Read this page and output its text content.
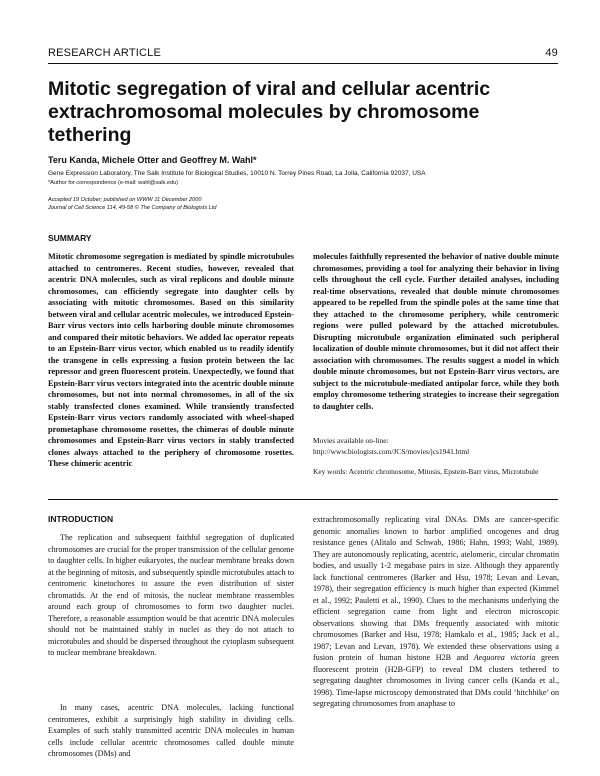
RESEARCH ARTICLE	49
Mitotic segregation of viral and cellular acentric extrachromosomal molecules by chromosome tethering
Teru Kanda, Michele Otter and Geoffrey M. Wahl*
Gene Expression Laboratory, The Salk Institute for Biological Studies, 10010 N. Torrey Pines Road, La Jolla, California 92037, USA
*Author for correspondence (e-mail: wahl@salk.edu)
Accepted 19 October; published on WWW 11 December 2000
Journal of Cell Science 114, 49-58 © The Company of Biologists Ltd
SUMMARY

Mitotic chromosome segregation is mediated by spindle microtubules attached to centromeres. Recent studies, however, revealed that acentric DNA molecules, such as viral replicons and double minute chromosomes, can efficiently segregate into daughter cells by associating with mitotic chromosomes. Based on this similarity between viral and cellular acentric molecules, we introduced Epstein-Barr virus vectors into cells harboring double minute chromosomes and compared their mitotic behaviors. We added lac operator repeats to an Epstein-Barr virus vector, which enabled us to readily identify the transgene in cells expressing a fusion protein between the lac repressor and green fluorescent protein. Unexpectedly, we found that Epstein-Barr virus vectors integrated into the acentric double minute chromosomes, but not into normal chromosomes, in all of the six stably transfected clones examined. While transiently transfected Epstein-Barr virus vectors randomly associated with wheel-shaped prometaphase chromosome rosettes, the chimeras of double minute chromosomes and Epstein-Barr virus vectors in stably transfected clones always attached to the periphery of chromosome rosettes. These chimeric acentric

molecules faithfully represented the behavior of native double minute chromosomes, providing a tool for analyzing their behavior in living cells throughout the cell cycle. Further detailed analyses, including real-time observations, revealed that double minute chromosomes appeared to be repelled from the spindle poles at the same time that they attached to the chromosome periphery, while centromeric regions were pulled poleward by the attached microtubules. Disrupting microtubule organization eliminated such peripheral localization of double minute chromosomes, but it did not affect their association with chromosomes. The results suggest a model in which double minute chromosomes, but not Epstein-Barr virus vectors, are subject to the microtubule-mediated antipolar force, while they both employ chromosome tethering strategies to increase their segregation to daughter cells.

Movies available on-line:
http://www.biologists.com/JCS/movies/jcs1941.html

Key words: Acentric chromosome, Mitosis, Epstein-Barr virus, Microtubule

INTRODUCTION

The replication and subsequent faithful segregation of duplicated chromosomes are crucial for the proper transmission of the cellular genome to daughter cells. In higher eukaryotes, the nuclear membrane breaks down at the beginning of mitosis, and subsequently spindle microtubules attach to centromeric kinetochores to assure the even distribution of sister chromatids. At the end of mitosis, the nuclear membrane reassembles around each group of chromosomes to form two daughter nuclei. Therefore, a reasonable assumption would be that acentric DNA molecules should not be maintained stably in nuclei as they do not attach to microtubules and should be dispersed throughout the cytoplasm subsequent to nuclear membrane breakdown.

In many cases, acentric DNA molecules, lacking functional centromeres, exhibit a surprisingly high stability in dividing cells. Examples of such stably transmitted acentric DNA molecules in human cells include cellular acentric chromosomes called double minute chromosomes (DMs) and

extrachromosomally replicating viral DNAs. DMs are cancer-specific genomic anomalies known to harbor amplified oncogenes and drug resistance genes (Alitalo and Schwab, 1986; Hahn, 1993; Wahl, 1989). They are autonomously replicating, acentric, atelomeric, circular chromatin bodies, and usually 1-2 megabase pairs in size. Although they apparently lack functional centromeres (Barker and Hsu, 1978; Levan and Levan, 1978), their segregation efficiency is much higher than expected (Kimmel et al., 1992; Pauletti et al., 1990). Clues to the mechanisms underlying the efficient segregation came from light and electron microscopic observations showing that DMs frequently associated with mitotic chromosomes (Barker and Hsu, 1978; Hamkalo et al., 1985; Jack et al., 1987; Levan and Levan, 1978). We extended these observations using a fusion protein of human histone H2B and Aequorea victoria green fluorescent protein (H2B-GFP) to reveal DM clusters tethered to segregating daughter chromosomes in living cancer cells (Kanda et al., 1998). Time-lapse microscopy demonstrated that DMs could ‘hitchhike’ on segregating chromosomes from anaphase to
